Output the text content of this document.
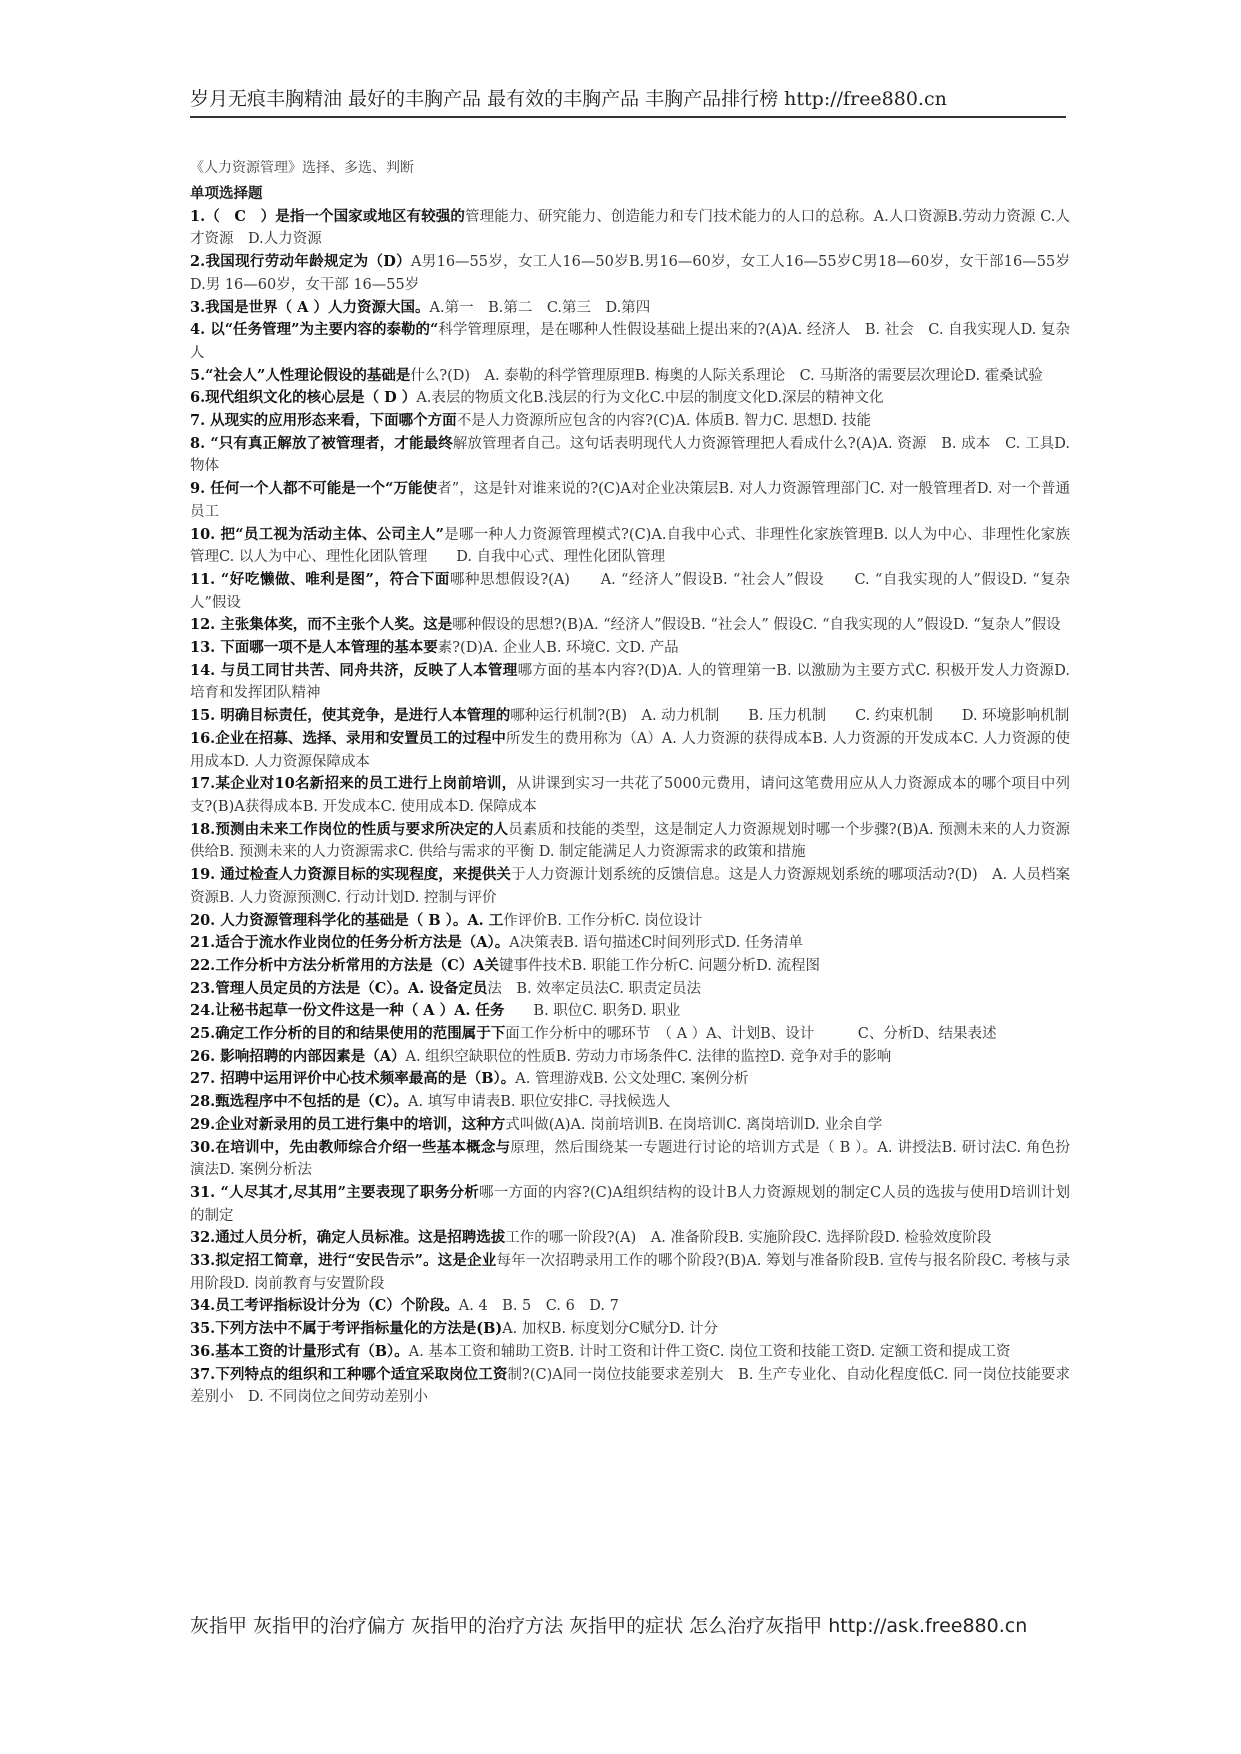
岁月无痕丰胸精油 最好的丰胸产品 最有效的丰胸产品 丰胸产品排行榜 http://free880.cn
《人力资源管理》选择、多选、判断
单项选择题
1.（　C　）是指一个国家或地区有较强的管理能力、研究能力、创造能力和专门技术能力的人口的总称。A.人口资源B.劳动力资源 C.人才资源　D.人力资源
2.我国现行劳动年龄规定为（D）A男16—55岁，女工人16—50岁B.男16—60岁，女工人16—55岁C男18—60岁，女干部16—55岁D.男 16—60岁，女干部 16—55岁
3.我国是世界（ A ）人力资源大国。A.第一　B.第二　C.第三　D.第四
4. 以“任务管理”为主要内容的泰勒的“科学管理原理，是在哪种人性假设基础上提出来的?(A)A. 经济人　B. 社会　C. 自我实现人D. 复杂人
5.“社会人”人性理论假设的基础是什么?(D)　A. 泰勒的科学管理原理B. 梅奥的人际关系理论　C. 马斯洛的需要层次理论D. 霍桑试验
6.现代组织文化的核心层是（ D ）A.表层的物质文化B.浅层的行为文化C.中层的制度文化D.深层的精神文化
7. 从现实的应用形态来看，下面哪个方面不是人力资源所应包含的内容?(C)A. 体质B. 智力C. 思想D. 技能
8. “只有真正解放了被管理者，才能最终解放管理者自己。这句话表明现代人力资源管理把人看成什么?(A)A. 资源　B. 成本　C. 工具D. 物体
9. 任何一个人都不可能是一个“万能使者”，这是针对谁来说的?(C)A对企业决策层B. 对人力资源管理部门C. 对一般管理者D. 对一个普通员工
10. 把“员工视为活动主体、公司主人”是哪一种人力资源管理模式?(C)A.自我中心式、非理性化家族管理B. 以人为中心、非理性化家族管理C. 以人为中心、理性化团队管理　　D. 自我中心式、理性化团队管理
11. “好吃懒做、唯利是图”，符合下面哪种思想假设?(A)　　A. “经济人”假设B. “社会人”假设　　C. “自我实现的人”假设D. “复杂人”假设
12. 主张集体奖，而不主张个人奖。这是哪种假设的思想?(B)A. “经济人”假设B. “社会人” 假设C. “自我实现的人”假设D. “复杂人”假设
13. 下面哪一项不是人本管理的基本要素?(D)A. 企业人B. 环境C. 文D. 产品
14. 与员工同甘共苦、同舟共济，反映了人本管理哪方面的基本内容?(D)A. 人的管理第一B. 以激励为主要方式C. 积极开发人力资源D. 培育和发挥团队精神
15. 明确目标责任，使其竞争，是进行人本管理的哪种运行机制?(B)　A. 动力机制　　B. 压力机制　　C. 约束机制　　D. 环境影响机制
16.企业在招募、选择、录用和安置员工的过程中所发生的费用称为（A）A. 人力资源的获得成本B. 人力资源的开发成本C. 人力资源的使用成本D. 人力资源保障成本
17.某企业对10名新招来的员工进行上岗前培训，从讲课到实习一共花了5000元费用，请问这笔费用应从人力资源成本的哪个项目中列支?(B)A获得成本B. 开发成本C. 使用成本D. 保障成本
18.预测由未来工作岗位的性质与要求所决定的人员素质和技能的类型，这是制定人力资源规划时哪一个步骤?(B)A. 预测未来的人力资源供给B. 预测未来的人力资源需求C. 供给与需求的平衡 D. 制定能满足人力资源需求的政策和措施
19. 通过检查人力资源目标的实现程度，来提供关于人力资源计划系统的反馈信息。这是人力资源规划系统的哪项活动?(D)　A. 人员档案资源B. 人力资源预测C. 行动计划D. 控制与评价
20. 人力资源管理科学化的基础是（ B ）。A. 工作评价B. 工作分析C. 岗位设计
21.适合于流水作业岗位的任务分析方法是（A）。A决策表B. 语句描述C时间列形式D. 任务清单
22.工作分析中方法分析常用的方法是（C）A关键事件技术B. 职能工作分析C. 问题分析D. 流程图
23.管理人员定员的方法是（C）。A. 设备定员法　B. 效率定员法C. 职责定员法
24.让秘书起草一份文件这是一种（ A ）A. 任务　　B. 职位C. 职务D. 职业
25.确定工作分析的目的和结果使用的范围属于下面工作分析中的哪环节　（ A ）A、计划B、设计　　　C、分析D、结果表述
26. 影响招聘的内部因素是（A）A. 组织空缺职位的性质B. 劳动力市场条件C. 法律的监控D. 竞争对手的影响
27. 招聘中运用评价中心技术频率最高的是（B）。A. 管理游戏B. 公文处理C. 案例分析
28.甄选程序中不包括的是（C）。A. 填写申请表B. 职位安排C. 寻找候选人
29.企业对新录用的员工进行集中的培训，这种方式叫做(A)A. 岗前培训B. 在岗培训C. 离岗培训D. 业余自学
30.在培训中，先由教师综合介绍一些基本概念与原理，然后围绕某一专题进行讨论的培训方式是（ B ）。A. 讲授法B. 研讨法C. 角色扮演法D. 案例分析法
31. “人尽其才,尽其用”主要表现了职务分析哪一方面的内容?(C)A组织结构的设计B人力资源规划的制定C人员的选拔与使用D培训计划的制定
32.通过人员分析，确定人员标准。这是招聘选拔工作的哪一阶段?(A)　A. 准备阶段B. 实施阶段C. 选择阶段D. 检验效度阶段
33.拟定招工简章，进行“安民告示”。这是企业每年一次招聘录用工作的哪个阶段?(B)A. 筹划与准备阶段B. 宣传与报名阶段C. 考核与录用阶段D. 岗前教育与安置阶段
34.员工考评指标设计分为（C）个阶段。A. 4　B. 5　C. 6　D. 7
35.下列方法中不属于考评指标量化的方法是(B)A. 加权B. 标度划分C赋分D. 计分
36.基本工资的计量形式有（B）。A. 基本工资和辅助工资B. 计时工资和计件工资C. 岗位工资和技能工资D. 定额工资和提成工资
37.下列特点的组织和工种哪个适宜采取岗位工资制?(C)A同一岗位技能要求差别大　B. 生产专业化、自动化程度低C. 同一岗位技能要求差别小　D. 不同岗位之间劳动差别小
灰指甲 灰指甲的治疗偏方 灰指甲的治疗方法 灰指甲的症状 怎么治疗灰指甲 http://ask.free880.cn
